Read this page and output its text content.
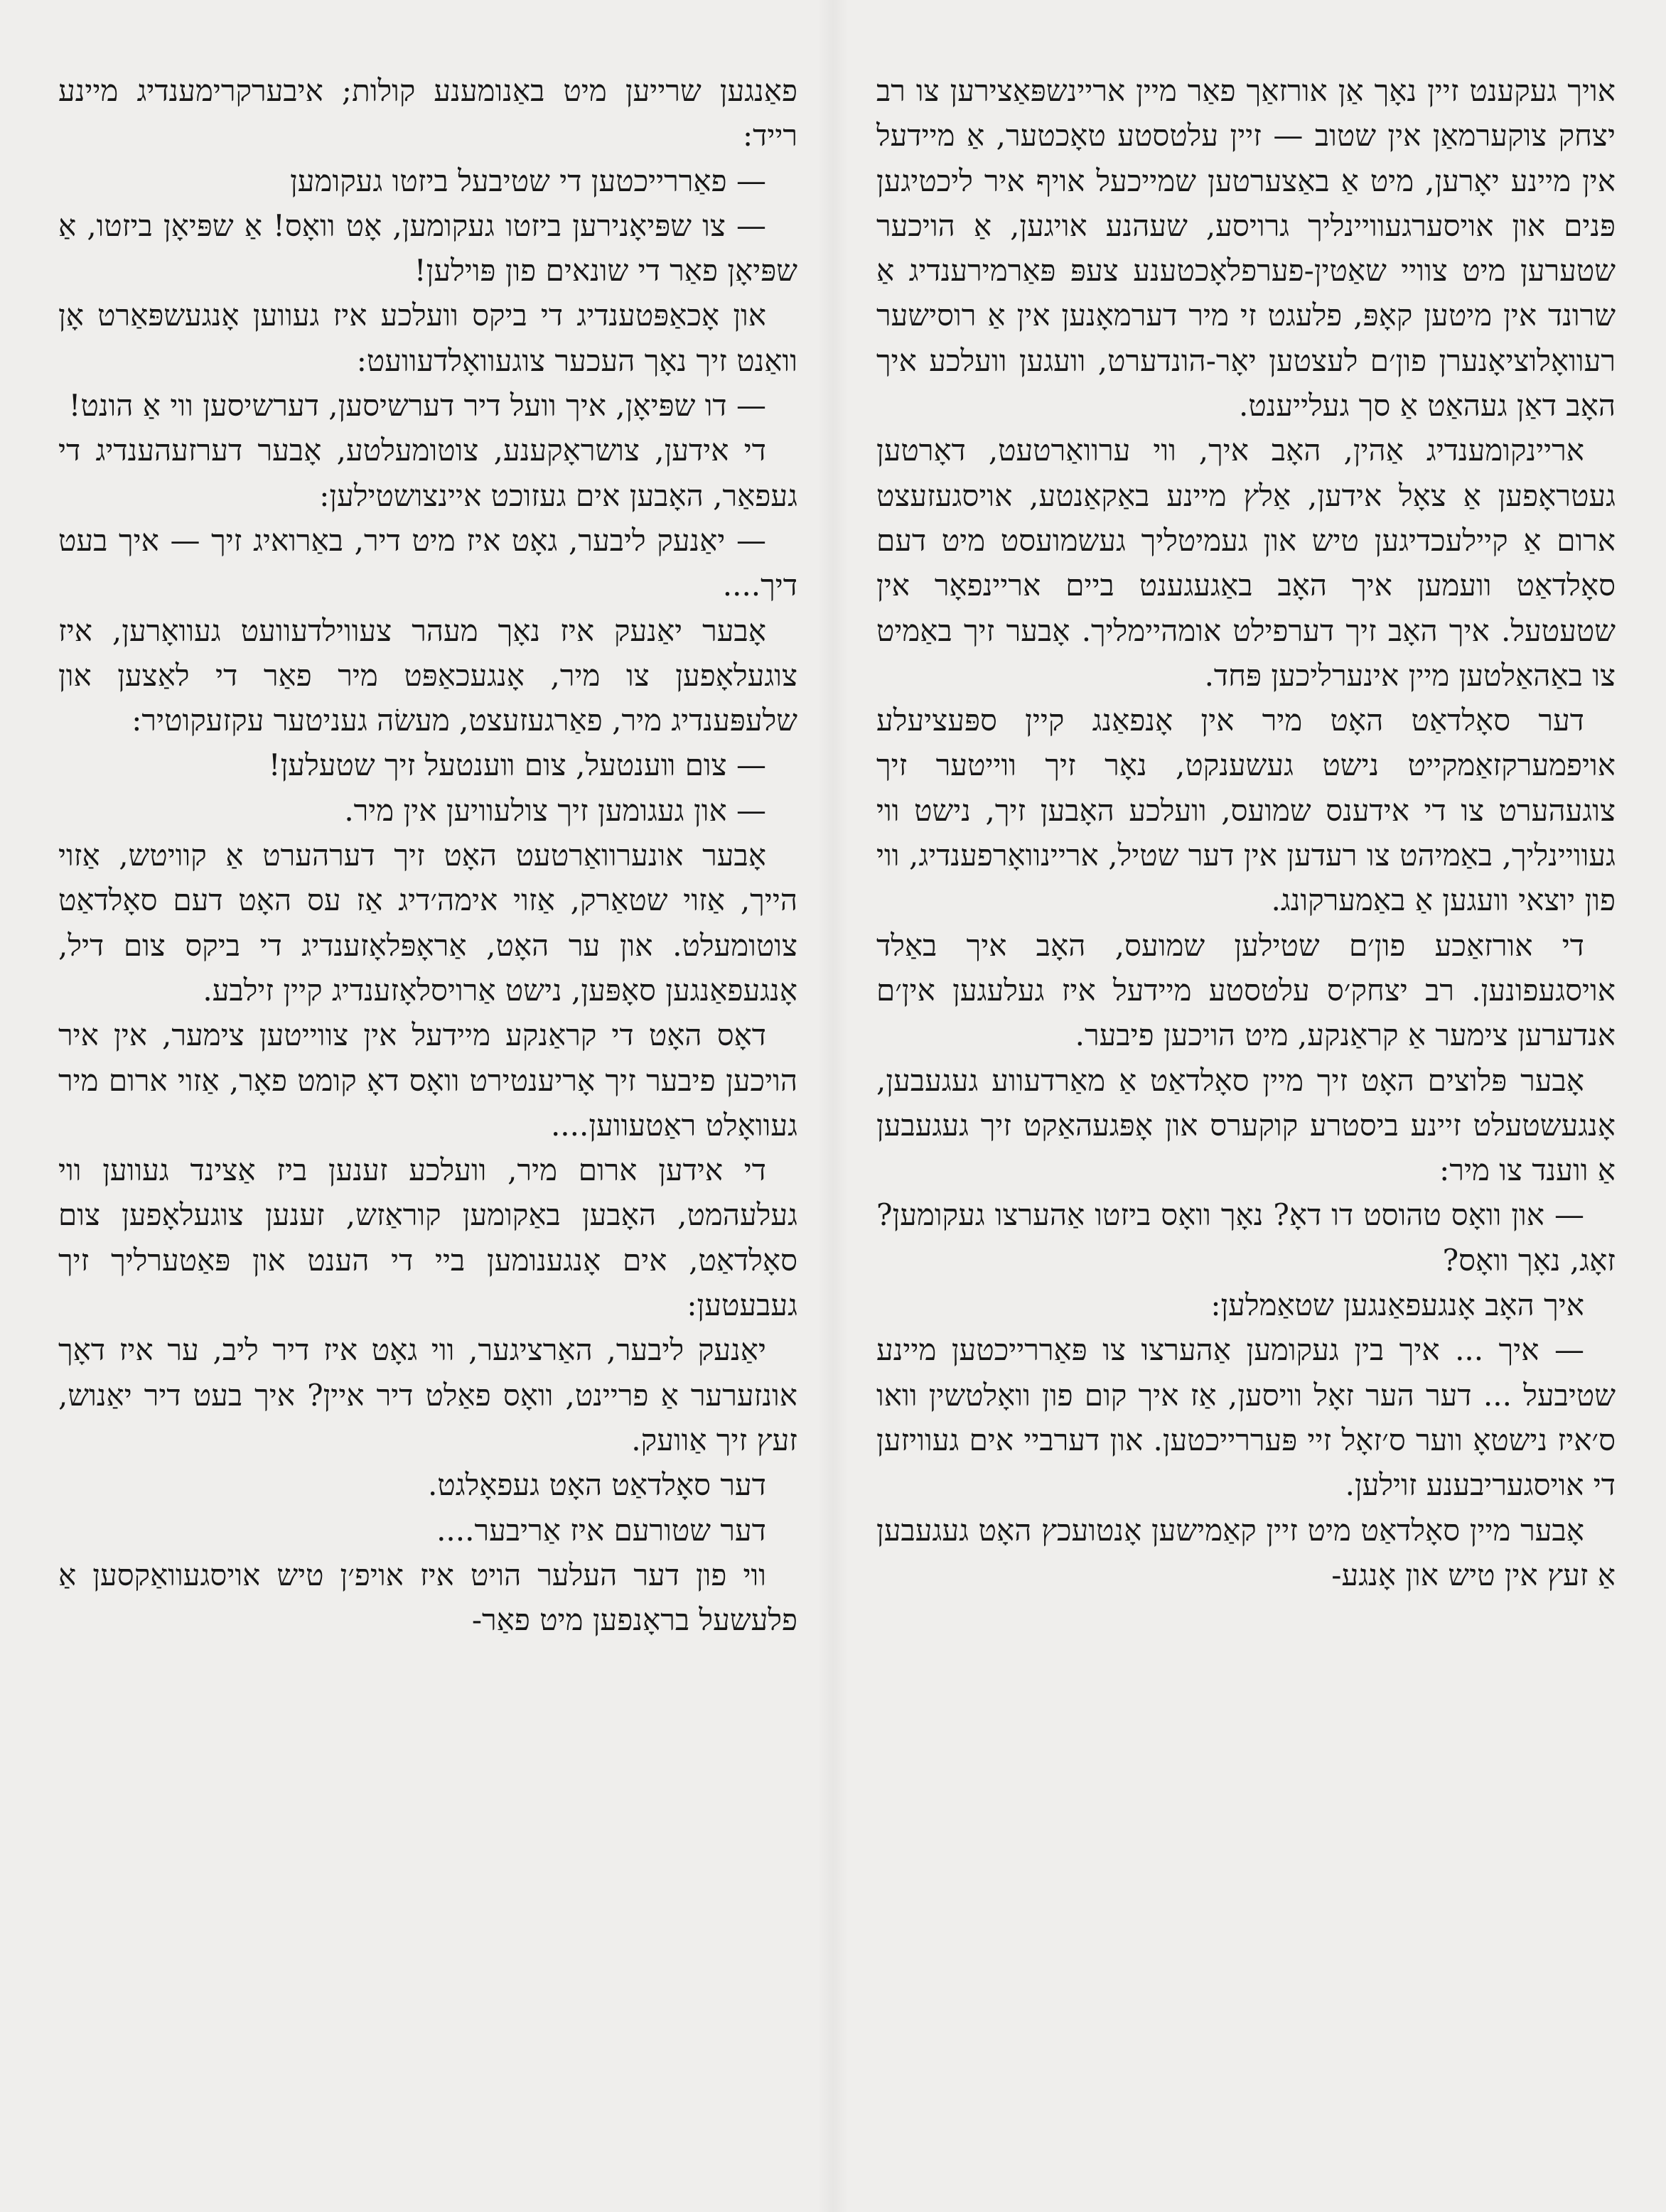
אויך געקענט זיין נאָך אַן אורזאַך פאַר מיין אריינשפּאַצירען צו רב יצחק צוקערמאַן אין שטוב — זיין עלטסטע טאָכטער, אַ מיידעל אין מיינע יאָרען, מיט אַ באַצערטען שמייכעל אויף איר ליכטיגען פּנים און אויסערגעוויינליך גרויסע, שעהנע אויגען, אַ הויכער שטערען מיט צוויי שאַטין-פערפלאָכטענע צעפּ פּאַרמירענדיג אַ שרונד אין מיטען קאָפּ, פלעגט זי מיר דערמאָנען אין אַ רוסישער רעוואָלוציאָנערן פון׳ם לעצטען יאָר-הונדערט, וועגען וועלכע איך האָב דאַן געהאַט אַ סך געלייענט.

אריינקומענדיג אַהין, האָב איך, ווי ערוואַרטעט, דאָרטען געטראָפען אַ צאָל אידען, אַלץ מיינע באַקאַנטע, אויסגעזעצט ארום אַ קיילעכדיגען טיש און געמיטליך געשמועסט מיט דעם סאָלדאַט וועמען איך האָב באַגעגענט ביים אריינפאָר אין שטעטעל. איך האָב זיך דערפילט אומהיימליך. אָבער זיך באַמיט צו באַהאַלטען מיין אינערליכען פּחד.

דער סאָלדאַט האָט מיר אין אָנפאַנג קיין ספּעציעלע אויפמערקזאַמקייט נישט געשענקט, נאָר זיך ווייטער זיך צוגעהערט צו די אידענס שמועס, וועלכע האָבען זיך, נישט ווי געוויינליך, באַמיהט צו רעדען אין דער שטיל, אריינוואָרפענדיג, ווי פון יוצאי וועגען אַ באַמערקונג.

די אורזאַכע פון׳ם שטילען שמועס, האָב איך באַלד אויסגעפונען. רב יצחק׳ס עלטסטע מיידעל איז געלעגען אין׳ם אנדערען צימער אַ קראַנקע, מיט הויכען פיבער.

אָבער פּלוצים האָט זיך מיין סאָלדאַט אַ מאַרדעווע געגעבען, אָנגעשטעלט זיינע ביסטרע קוקערס און אָפּגעהאַקט זיך געגעבען אַ ווענד צו מיר:

— און וואָס טהוסט דו דאָ? נאָך וואָס ביזטו אַהערצו געקומען? זאָג, נאָך וואָס?

איך האָב אָנגעפאַנגען שטאַמלען:

— איך ... איך בין געקומען אַהערצו צו פּאַררייכטען מיינע שטיבעל ... דער הער זאָל וויסען, אַז איך קום פון וואָלטשין וואו ס׳איז נישטאָ ווער ס׳זאָל זיי פּעררייכטען. און דערביי אים געוויזען די אויסגעריבענע זוילען.

אָבער מיין סאָלדאַט מיט זיין קאַמישען אָנטועכץ האָט געגעבען אַ זעץ אין טיש און אָנגע-

פאַנגען שרייען מיט באַנומענע קולות; איבערקרימענדיג מיינע רייד:

— פאַררייכטען די שטיבעל ביזטו געקומען

— צו שפּיאָנירען ביזטו געקומען, אָט וואָס! אַ שפּיאָן ביזטו, אַ שפּיאָן פאַר די שונאים פון פּוילען!

און אָכאַפּטענדיג די ביקס וועלכע איז געווען אָנגעשפּאַרט אָן וואַנט זיך נאָך העכער צוגעוואָלדעוועט:

— דו שפּיאָן, איך וועל דיר דערשיסען, דערשיסען ווי אַ הונט!

די אידען, צושראָקענע, צוטומעלטע, אָבער דערזעהענדיג די געפאַר, האָבען אים געזוכט איינצושטילען:

— יאַנעק ליבער, גאָט איז מיט דיר, באַרואיג זיך — איך בעט דיך....

אָבער יאַנעק איז נאָך מעהר צעווילדעוועט געוואָרען, איז צוגעלאָפען צו מיר, אָנגעכאַפּט מיר פאַר די לאַצען און שלעפּענדיג מיר, פאַרגעזעצט, מעשׂה געניטער עקזעקוטיר:

— צום װענטעל, צום װענטעל זיך שטעלען!

— און געגומען זיך צולעוויען אין מיר.

אָבער אונערוואַרטעט האָט זיך דערהערט אַ קוויטש, אַזוי הייך, אַזוי שטאַרק, אַזוי אימה׳דיג אַז עס האָט דעם סאָלדאַט צוטומעלט. און ער האָט, אַראָפּלאָזענדיג די ביקס צום דיל, אָנגעפאַנגען סאָפּען, נישט אַרויסלאָזענדיג קיין זילבע.

דאָס האָט די קראַנקע מיידעל אין צווייטען צימער, אין איר הויכען פיבער זיך אָריענטירט וואָס דאָ קומט פאָר, אַזוי ארום מיר געוואָלט ראַטעווען....

די אידען ארום מיר, וועלכע זענען ביז אַצינד געווען ווי געלעהמט, האָבען באַקומען קוראַזש, זענען צוגעלאָפען צום סאָלדאַט, אים אָנגענומען ביי די הענט און פּאַטערליך זיך געבעטען:

יאַנעק ליבער, האַרציגער, ווי גאָט איז דיר ליב, ער איז דאָך אונזערער אַ פריינט, וואָס פאַלט דיר איין? איך בעט דיר יאַנוש, זעץ זיך אַוועק.

דער סאָלדאַט האָט געפאָלגט.

דער שטורעם איז אַריבער....

ווי פון דער העלער הויט איז אויפ׳ן טיש אויסגעוואַקסען אַ פלעשעל בראָנפען מיט פאַר-
